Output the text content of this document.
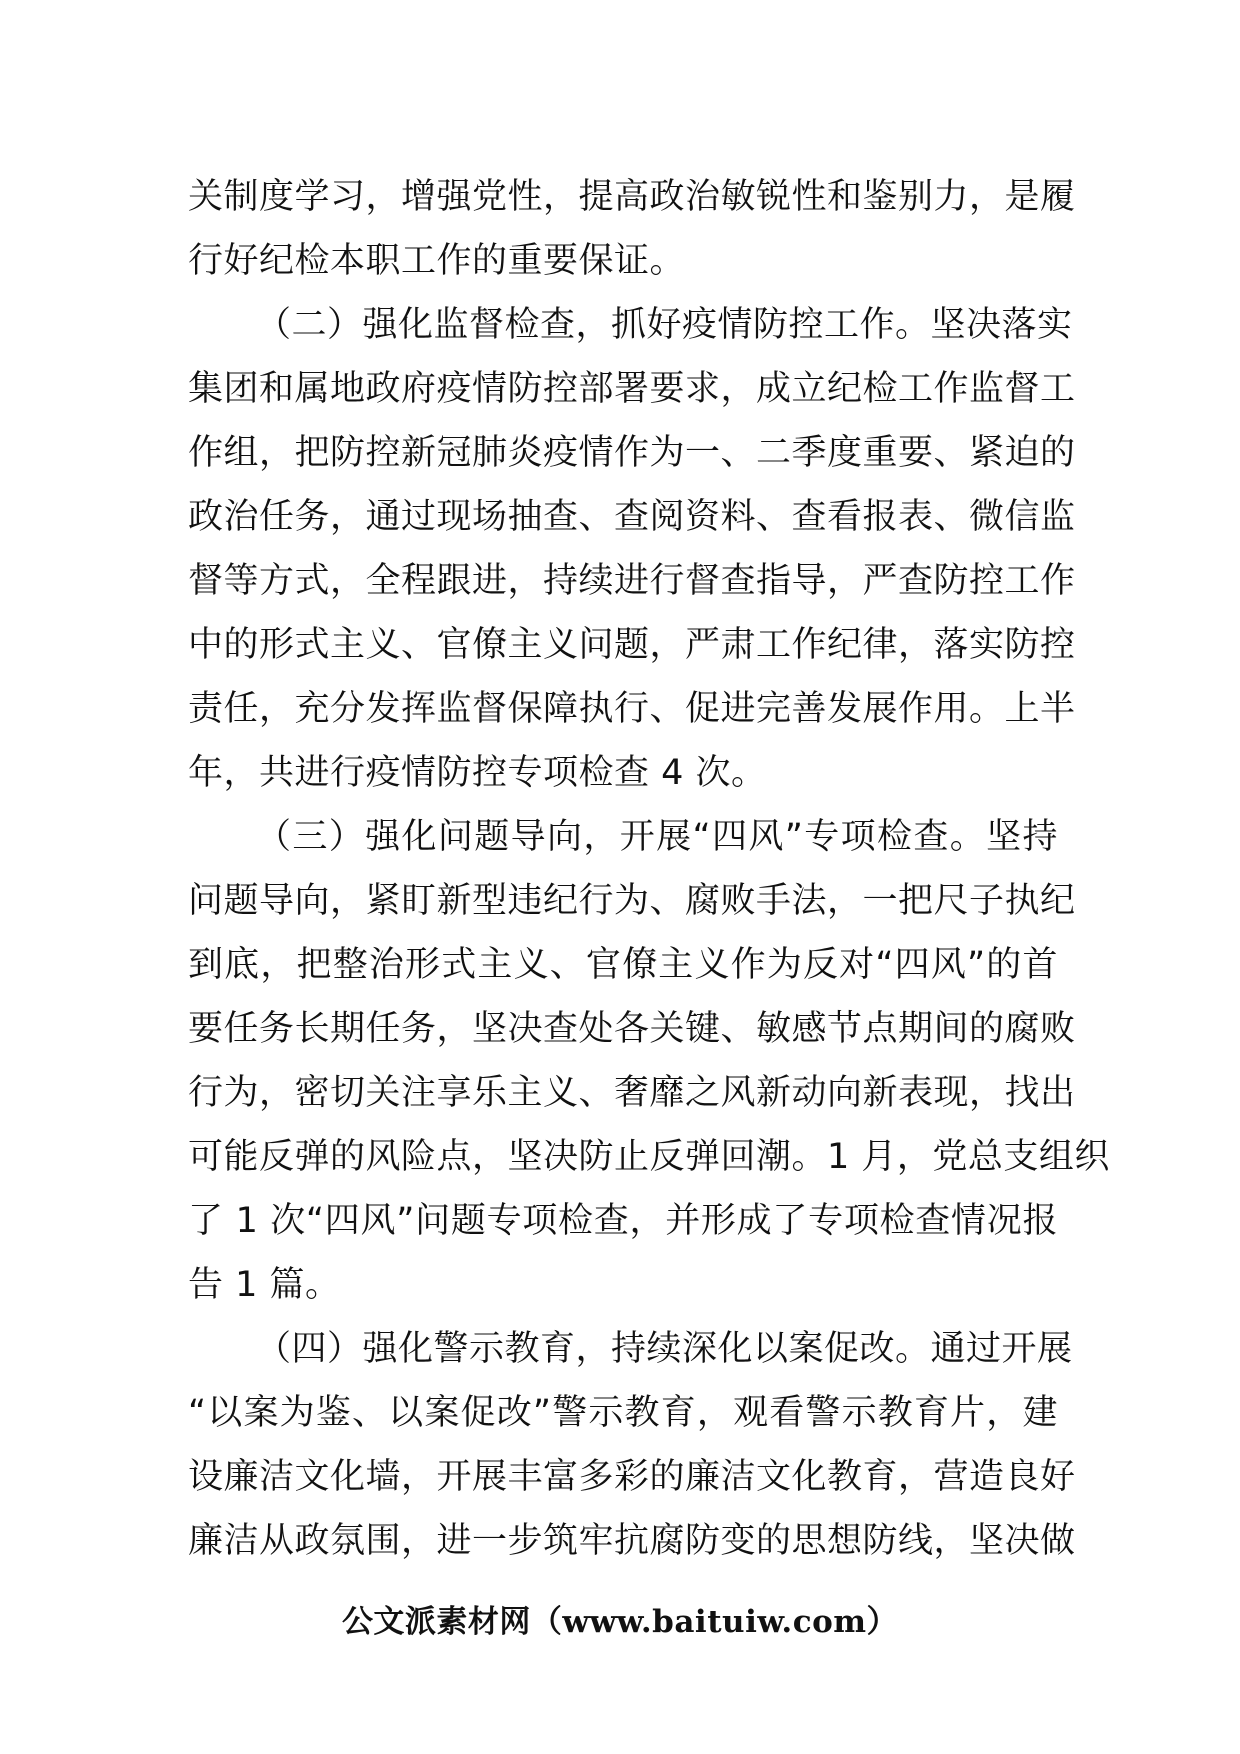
关制度学习，增强党性，提高政治敏锐性和鉴别力，是履
行好纪检本职工作的重要保证。
（二）强化监督检查，抓好疫情防控工作。坚决落实
集团和属地政府疫情防控部署要求，成立纪检工作监督工
作组，把防控新冠肺炎疫情作为一、二季度重要、紧迫的
政治任务，通过现场抽查、查阅资料、查看报表、微信监
督等方式，全程跟进，持续进行督查指导，严查防控工作
中的形式主义、官僚主义问题，严肃工作纪律，落实防控
责任，充分发挥监督保障执行、促进完善发展作用。上半
年，共进行疫情防控专项检查 4 次。
（三）强化问题导向，开展“四风”专项检查。坚持
问题导向，紧盯新型违纪行为、腐败手法，一把尺子执纪
到底，把整治形式主义、官僚主义作为反对“四风”的首
要任务长期任务，坚决查处各关键、敏感节点期间的腐败
行为，密切关注享乐主义、奢靡之风新动向新表现，找出
可能反弹的风险点，坚决防止反弹回潮。1 月，党总支组织
了 1 次“四风”问题专项检查，并形成了专项检查情况报
告 1 篇。
（四）强化警示教育，持续深化以案促改。通过开展
“以案为鉴、以案促改”警示教育，观看警示教育片，建
设廉洁文化墙，开展丰富多彩的廉洁文化教育，营造良好
廉洁从政氛围，进一步筑牢抗腐防变的思想防线，坚决做
公文派素材网（www.baituiw.com）
